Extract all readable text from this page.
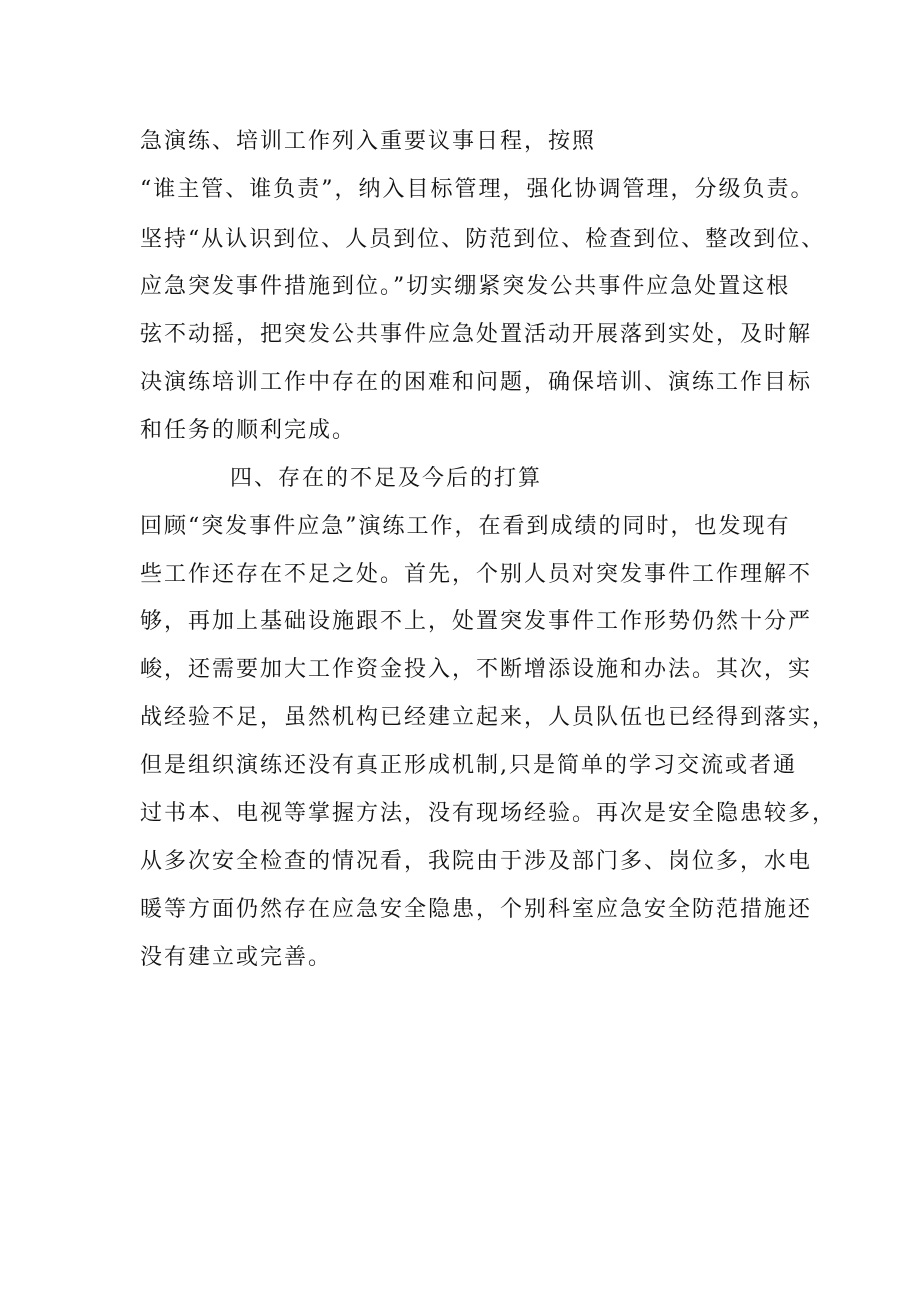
急演练、培训工作列入重要议事日程，按照
“谁主管、谁负责”，纳入目标管理，强化协调管理，分级负责。
坚持“从认识到位、人员到位、防范到位、检查到位、整改到位、
应急突发事件措施到位。”切实绷紧突发公共事件应急处置这根
弦不动摇，把突发公共事件应急处置活动开展落到实处，及时解
决演练培训工作中存在的困难和问题，确保培训、演练工作目标
和任务的顺利完成。
四、存在的不足及今后的打算
回顾“突发事件应急”演练工作，在看到成绩的同时，也发现有
些工作还存在不足之处。首先，个别人员对突发事件工作理解不
够，再加上基础设施跟不上，处置突发事件工作形势仍然十分严
峻，还需要加大工作资金投入，不断增添设施和办法。其次，实
战经验不足，虽然机构已经建立起来，人员队伍也已经得到落实，
但是组织演练还没有真正形成机制,只是简单的学习交流或者通
过书本、电视等掌握方法，没有现场经验。再次是安全隐患较多，
从多次安全检查的情况看，我院由于涉及部门多、岗位多，水电
暖等方面仍然存在应急安全隐患，个别科室应急安全防范措施还
没有建立或完善。
